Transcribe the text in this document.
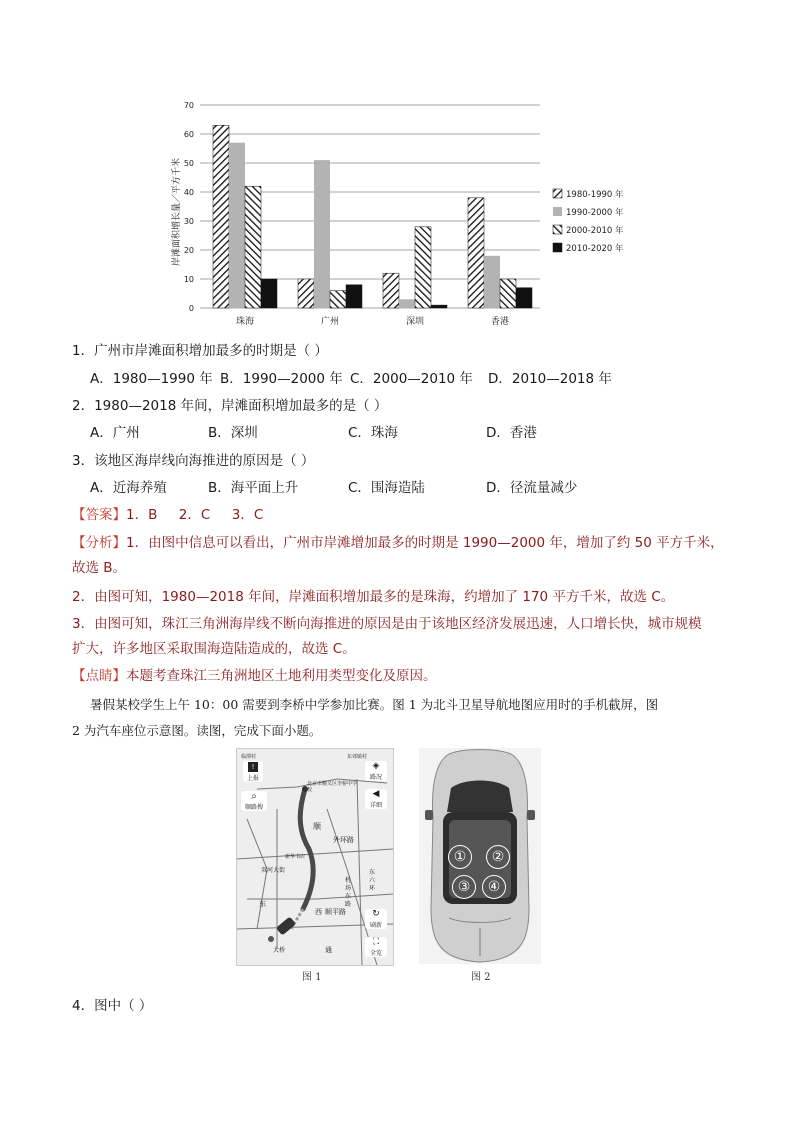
0
10
20
30
40
50
60
70
珠海	广州	深圳	香港
1980-1990 年
1990-2000 年
2000-2010 年
2010-2020 年
岸滩面积增长量／平方千米
1．广州市岸滩面积增加最多的时期是（ ）
A．1980—1990 年 B．1990—2000 年 C．2000—2010 年 D．2010—2018 年
2．1980—2018 年间，岸滩面积增加最多的是（ ）
A．广州	B．深圳	C．珠海	D．香港
3．该地区海岸线向海推进的原因是（ ）
A．近海养殖	B．海平面上升	C．围海造陆	D．径流量减少
【答案】1．B     2．C     3．C
【分析】1．由图中信息可以看出，广州市岸滩增加最多的时期是 1990—2000 年，增加了约 50 平方千米，
故选 B。
2．由图可知，1980—2018 年间，岸滩面积增加最多的是珠海，约增加了 170 平方千米，故选 C。
3．由图可知，珠江三角洲海岸线不断向海推进的原因是由于该地区经济发展迅速，人口增长快，城市规模
扩大，许多地区采取围海造陆造成的，故选 C。
【点睛】本题考查珠江三角洲地区土地利用类型变化及原因。
暑假某校学生上午 10：00 需要到李桥中学参加比赛。图 1 为北斗卫星导航地图应用时的手机截屏，图
2 为汽车座位示意图。读图，完成下面小题。
临潭村	东郊镇村
北京市顺义区李桥中学校
外环路
顺
通
东
西 顺平路
新华书店
双河大街
机场东路
东六环
大桥
!
上报
⌕
顺路搜
◈
路况
◀
详细
↻
刷新
⛶
全览
图 1
①	②
③	④
图 2
4．图中（ ）
